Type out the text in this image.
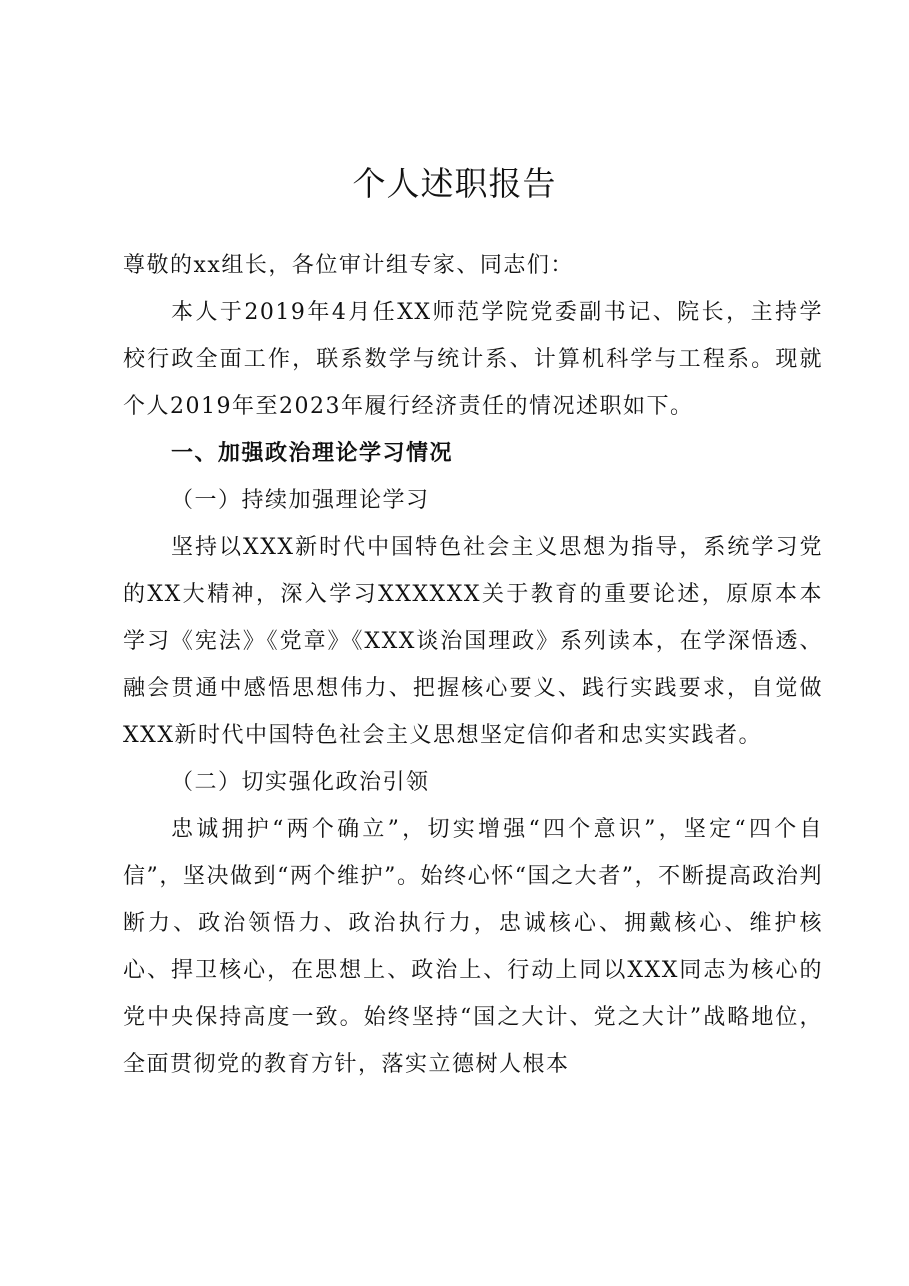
个人述职报告

尊敬的xx组长，各位审计组专家、同志们：

本人于2019年4月任XX师范学院党委副书记、院长，主持学校行政全面工作，联系数学与统计系、计算机科学与工程系。现就个人2019年至2023年履行经济责任的情况述职如下。

一、加强政治理论学习情况

（一）持续加强理论学习

坚持以XXX新时代中国特色社会主义思想为指导，系统学习党的XX大精神，深入学习XXXXXX关于教育的重要论述，原原本本学习《宪法》《党章》《XXX谈治国理政》系列读本，在学深悟透、融会贯通中感悟思想伟力、把握核心要义、践行实践要求，自觉做XXX新时代中国特色社会主义思想坚定信仰者和忠实实践者。

（二）切实强化政治引领

忠诚拥护“两个确立”，切实增强“四个意识”，坚定“四个自信”，坚决做到“两个维护”。始终心怀“国之大者”，不断提高政治判断力、政治领悟力、政治执行力，忠诚核心、拥戴核心、维护核心、捍卫核心，在思想上、政治上、行动上同以XXX同志为核心的党中央保持高度一致。始终坚持“国之大计、党之大计”战略地位，全面贯彻党的教育方针，落实立德树人根本
